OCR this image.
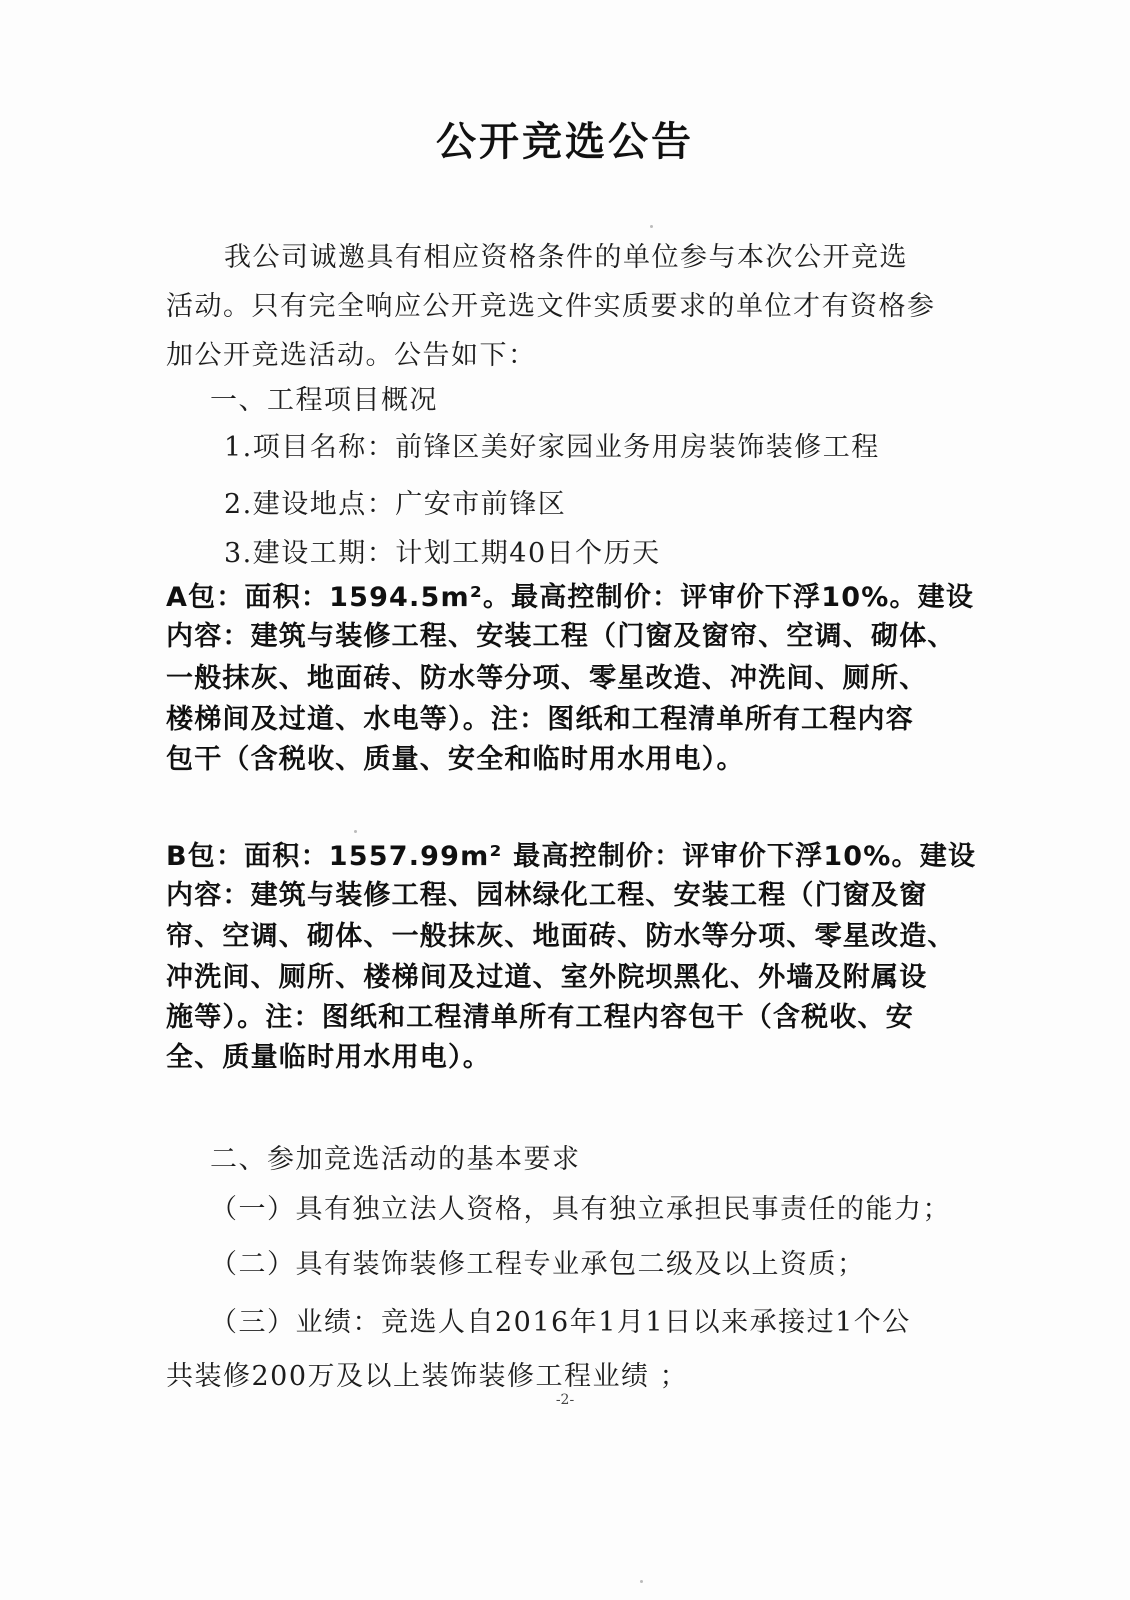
公开竞选公告
我公司诚邀具有相应资格条件的单位参与本次公开竞选
活动。只有完全响应公开竞选文件实质要求的单位才有资格参
加公开竞选活动。公告如下：
一、工程项目概况
1.项目名称：前锋区美好家园业务用房装饰装修工程
2.建设地点：广安市前锋区
3.建设工期：计划工期40日个历天
A包：面积：1594.5m²。最高控制价：评审价下浮10%。建设
内容：建筑与装修工程、安装工程（门窗及窗帘、空调、砌体、
一般抹灰、地面砖、防水等分项、零星改造、冲洗间、厕所、
楼梯间及过道、水电等）。注：图纸和工程清单所有工程内容
包干（含税收、质量、安全和临时用水用电）。
B包：面积：1557.99m² 最高控制价：评审价下浮10%。建设
内容：建筑与装修工程、园林绿化工程、安装工程（门窗及窗
帘、空调、砌体、一般抹灰、地面砖、防水等分项、零星改造、
冲洗间、厕所、楼梯间及过道、室外院坝黑化、外墙及附属设
施等）。注：图纸和工程清单所有工程内容包干（含税收、安
全、质量临时用水用电）。
二、参加竞选活动的基本要求
（一）具有独立法人资格，具有独立承担民事责任的能力；
（二）具有装饰装修工程专业承包二级及以上资质；
（三）业绩：竞选人自2016年1月1日以来承接过1个公
共装修200万及以上装饰装修工程业绩 ；
-2-
